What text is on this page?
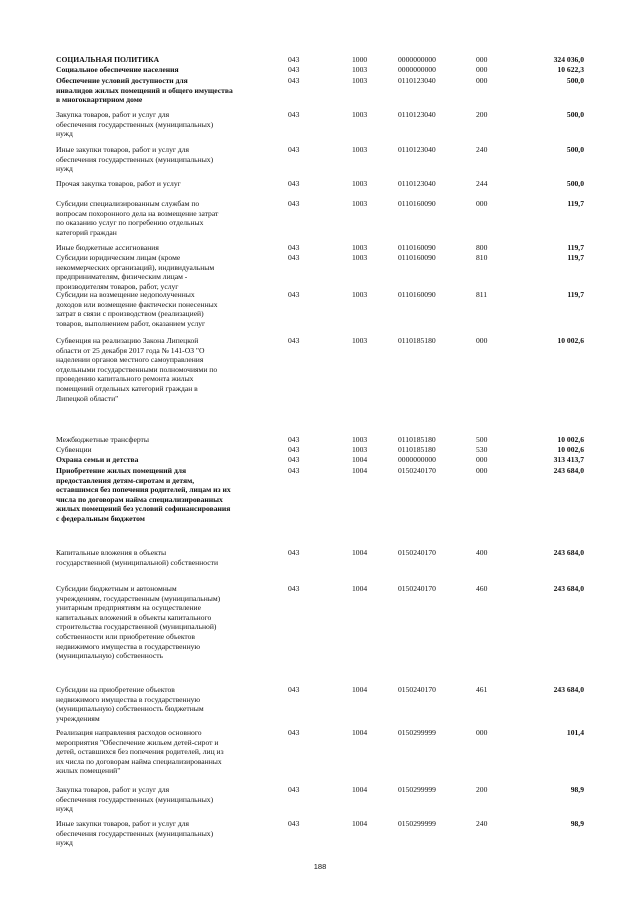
СОЦИАЛЬНАЯ ПОЛИТИКА	043	1000	0000000000	000	324 036,0
Социальное обеспечение населения	043	1003	0000000000	000	10 622,3
Обеспечение условий доступности для
инвалидов жилых помещений и общего имущества
в многоквартирном доме
043	1003	0110123040	000	500,0
Закупка товаров, работ и услуг для
обеспечения государственных (муниципальных)
нужд
043	1003	0110123040	200	500,0
Иные закупки товаров, работ и услуг для
обеспечения государственных (муниципальных)
нужд
043	1003	0110123040	240	500,0
Прочая закупка товаров, работ и услуг	043	1003	0110123040	244	500,0
Субсидии специализированным службам по
вопросам похоронного дела на возмещение затрат
по оказанию услуг по погребению отдельных
категорий граждан
043	1003	0110160090	000	119,7
Иные бюджетные ассигнования	043	1003	0110160090	800	119,7
Субсидии юридическим лицам (кроме
некоммерческих организаций), индивидуальным
предпринимателям, физическим лицам -
производителям товаров, работ, услуг
043	1003	0110160090	810	119,7
Субсидии на возмещение недополученных
доходов или возмещение фактически понесенных
затрат в связи с производством (реализацией)
товаров, выполнением работ, оказанием услуг
043	1003	0110160090	811	119,7
Субвенция на реализацию Закона Липецкой
области от 25 декабря 2017 года № 141-ОЗ "О
наделении органов местного самоуправления
отдельными государственными полномочиями по
проведению капитального ремонта жилых
помещений отдельных категорий граждан в
Липецкой области"
043	1003	0110185180	000	10 002,6
Межбюджетные трансферты	043	1003	0110185180	500	10 002,6
Субвенции	043	1003	0110185180	530	10 002,6
Охрана семьи и детства	043	1004	0000000000	000	313 413,7
Приобретение жилых помещений для
предоставления детям-сиротам и детям,
оставшимся без попечения родителей, лицам из их
числа по договорам найма специализированных
жилых помещений без условий софинансирования
с федеральным бюджетом
043	1004	0150240170	000	243 684,0
Капитальные вложения в объекты
государственной (муниципальной) собственности
043	1004	0150240170	400	243 684,0
Субсидии бюджетным и автономным
учреждениям, государственным (муниципальным)
унитарным предприятиям на осуществление
капитальных вложений в объекты капитального
строительства государственной (муниципальной)
собственности или приобретение объектов
недвижимого имущества в государственную
(муниципальную) собственность
043	1004	0150240170	460	243 684,0
Субсидии на приобретение объектов
недвижимого имущества в государственную
(муниципальную) собственность бюджетным
учреждениям
043	1004	0150240170	461	243 684,0
Реализация направления расходов основного
мероприятия "Обеспечение жильем детей-сирот и
детей, оставшихся без попечения родителей, лиц из
их числа по договорам найма специализированных
жилых помещений"
043	1004	0150299999	000	101,4
Закупка товаров, работ и услуг для
обеспечения государственных (муниципальных)
нужд
043	1004	0150299999	200	98,9
Иные закупки товаров, работ и услуг для
обеспечения государственных (муниципальных)
нужд
043	1004	0150299999	240	98,9
188
